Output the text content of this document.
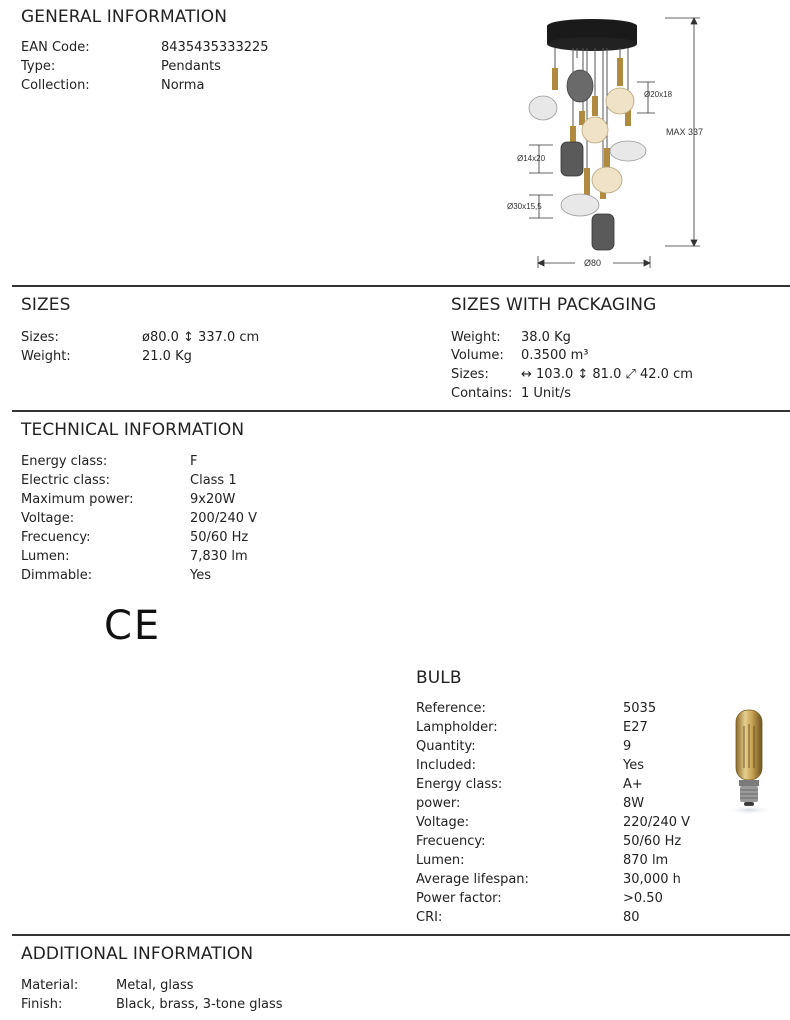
GENERAL INFORMATION
EAN Code:	8435435333225
Type:	Pendants
Collection:	Norma
MAX 337
Ø20x18
Ø14x20
Ø30x15,5
Ø80
SIZES
Sizes:	ø80.0 ↕ 337.0 cm
Weight:	21.0 Kg
SIZES WITH PACKAGING
Weight: 38.0 Kg
Volume: 0.3500 m³
Sizes: ↔ 103.0 ↕ 81.0 ⤢ 42.0 cm
Contains: 1 Unit/s
TECHNICAL INFORMATION
Energy class:	F
Electric class:	Class 1
Maximum power:	9x20W
Voltage:	200/240 V
Frecuency:	50/60 Hz
Lumen:	7,830 lm
Dimmable:	Yes
CE
BULB
Reference:	5035
Lampholder:	E27
Quantity:	9
Included:	Yes
Energy class:	A+
power:	8W
Voltage:	220/240 V
Frecuency:	50/60 Hz
Lumen:	870 lm
Average lifespan:	30,000 h
Power factor:	>0.50
CRI:	80
ADDITIONAL INFORMATION
Material:	Metal, glass
Finish:	Black, brass, 3-tone glass
